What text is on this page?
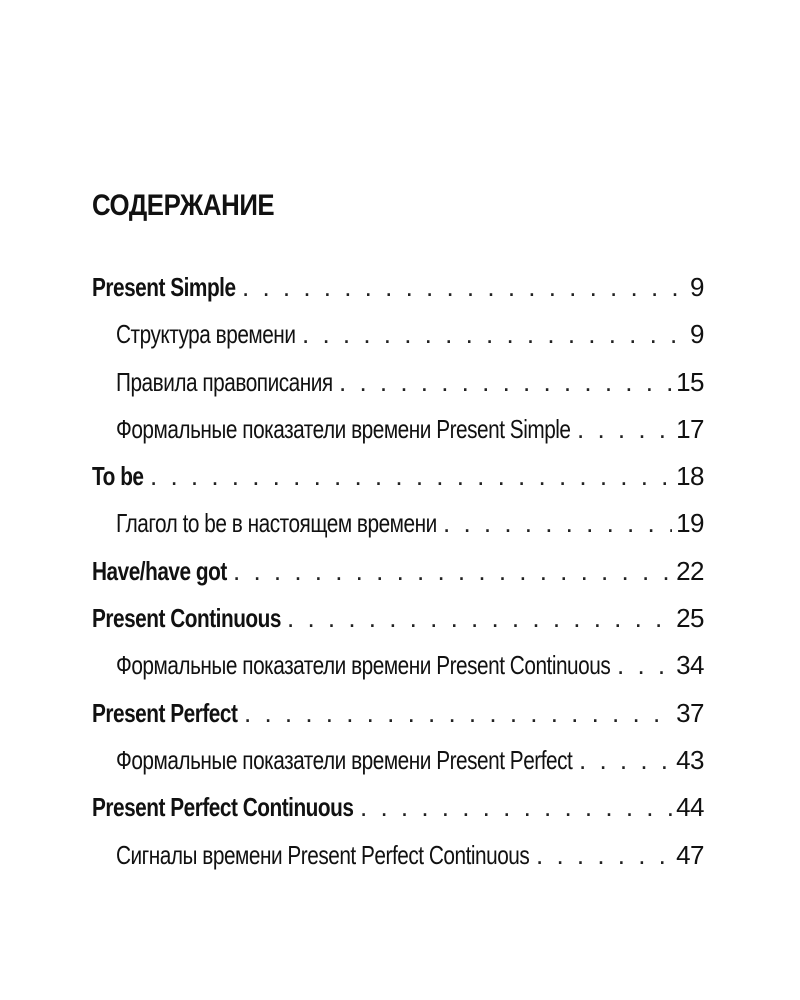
СОДЕРЖАНИЕ
Present Simple . . .	9
Структура времени . . .	9
Правила правописания . . .	15
Формальные показатели времени Present Simple . . .	17
To be . . .	18
Глагол to be в настоящем времени . . .	19
Have/have got . . .	22
Present Continuous . . .	25
Формальные показатели времени Present Continuous . . .	34
Present Perfect . . .	37
Формальные показатели времени Present Perfect . . .	43
Present Perfect Continuous . . .	44
Сигналы времени Present Perfect Continuous . . .	47
